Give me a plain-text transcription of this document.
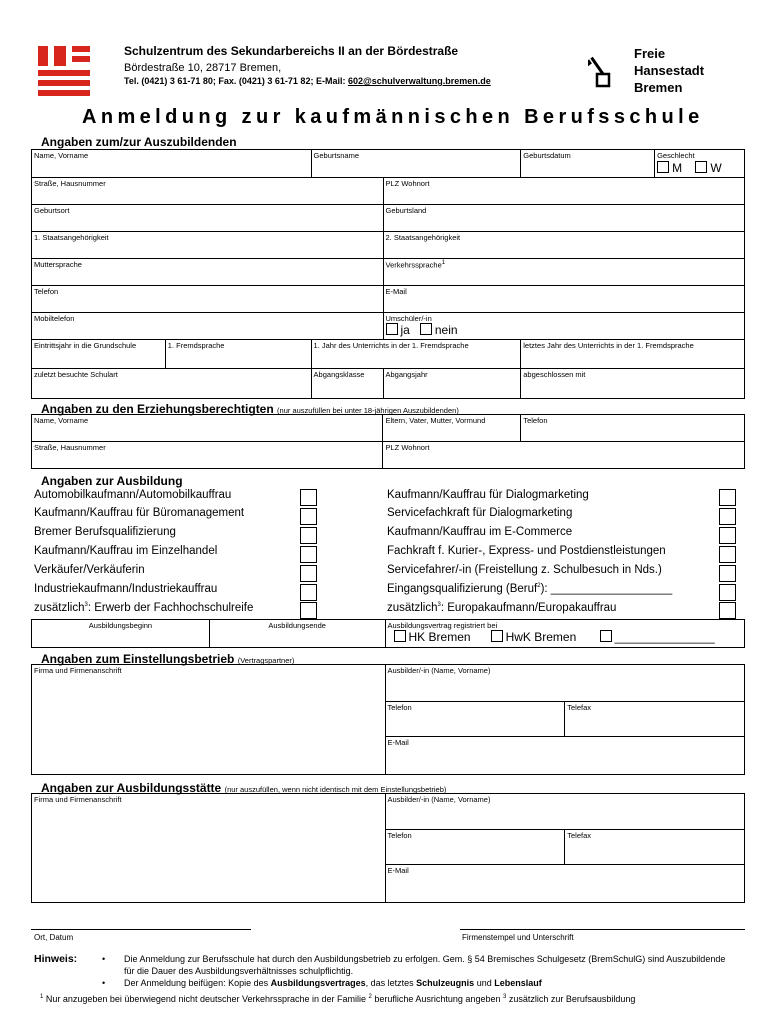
Schulzentrum des Sekundarbereichs II an der Bördestraße
Bördestraße 10, 28717 Bremen,
Tel. (0421) 3 61-71 80; Fax. (0421) 3 61-71 82; E-Mail: 602@schulverwaltung.bremen.de
Freie
Hansestadt
Bremen
Anmeldung zur kaufmännischen Berufsschule
Angaben zum/zur Auszubildenden
Name, Vorname		Geburtsname		Geburtsdatum	Geschlecht
M W

Straße, Hausnummer			PLZ Wohnort		
Geburtsort			Geburtsland		
1. Staatsangehörigkeit			2. Staatsangehörigkeit		
Muttersprache			Verkehrssprache$^1$
Telefon			E-Mail		
Mobiltelefon			Umschüler/-in
ja nein		

Eintrittsjahr in die Grundschule	1. Fremdsprache	1. Jahr des Unterrichts in der 1. Fremdsprache		letztes Jahr des Unterrichts in der 1. Fremdsprache	
zuletzt besuchte Schulart		Abgangsklasse	Abgangsjahr	abgeschlossen mit	
Angaben zu den Erziehungsberechtigten (nur auszufüllen bei unter 18-jährigen Auszubildenden)
Name, Vorname	Eltern, Vater, Mutter, Vormund	Telefon
Straße, Hausnummer	PLZ Wohnort	
Angaben zur Ausbildung
Automobilkaufmann/Automobilkauffrau
Kaufmann/Kauffrau für Büromanagement
Bremer Berufsqualifizierung
Kaufmann/Kauffrau im Einzelhandel
Verkäufer/Verkäuferin
Industriekaufmann/Industriekauffrau
zusätzlich$^3$: Erwerb der Fachhochschulreife
Kaufmann/Kauffrau für Dialogmarketing
Servicefachkraft für Dialogmarketing
Kaufmann/Kauffrau im E-Commerce
Fachkraft f. Kurier-, Express- und Postdienstleistungen
Servicefahrer/-in (Freistellung z. Schulbesuch in Nds.)
Eingangsqualifizierung (Beruf$^2$): ___________________
zusätzlich$^3$: Europakaufmann/Europakauffrau
Ausbildungsbeginn	Ausbildungsende	Ausbildungsvertrag registriert bei
HK Bremen	HwK Bremen	_______________
Angaben zum Einstellungsbetrieb (Vertragspartner)
Firma und Firmenanschrift	Ausbilder/-in (Name, Vorname)	
	Telefon	Telefax
	E-Mail	
Angaben zur Ausbildungsstätte (nur auszufüllen, wenn nicht identisch mit dem Einstellungsbetrieb)
Firma und Firmenanschrift	Ausbilder/-in (Name, Vorname)	
	Telefon	Telefax
	E-Mail	
Ort, Datum	Firmenstempel und Unterschrift
Hinweis:	• Die Anmeldung zur Berufsschule hat durch den Ausbildungsbetrieb zu erfolgen. Gem. § 54 Bremisches Schulgesetz (BremSchulG) sind Auszubildende für die Dauer des Ausbildungsverhältnisses schulpflichtig.
• Der Anmeldung beifügen: Kopie des Ausbildungsvertrages, das letztes Schulzeugnis und Lebenslauf
$^1$ Nur anzugeben bei überwiegend nicht deutscher Verkehrssprache in der Familie $^2$ berufliche Ausrichtung angeben $^3$ zusätzlich zur Berufsausbildung
